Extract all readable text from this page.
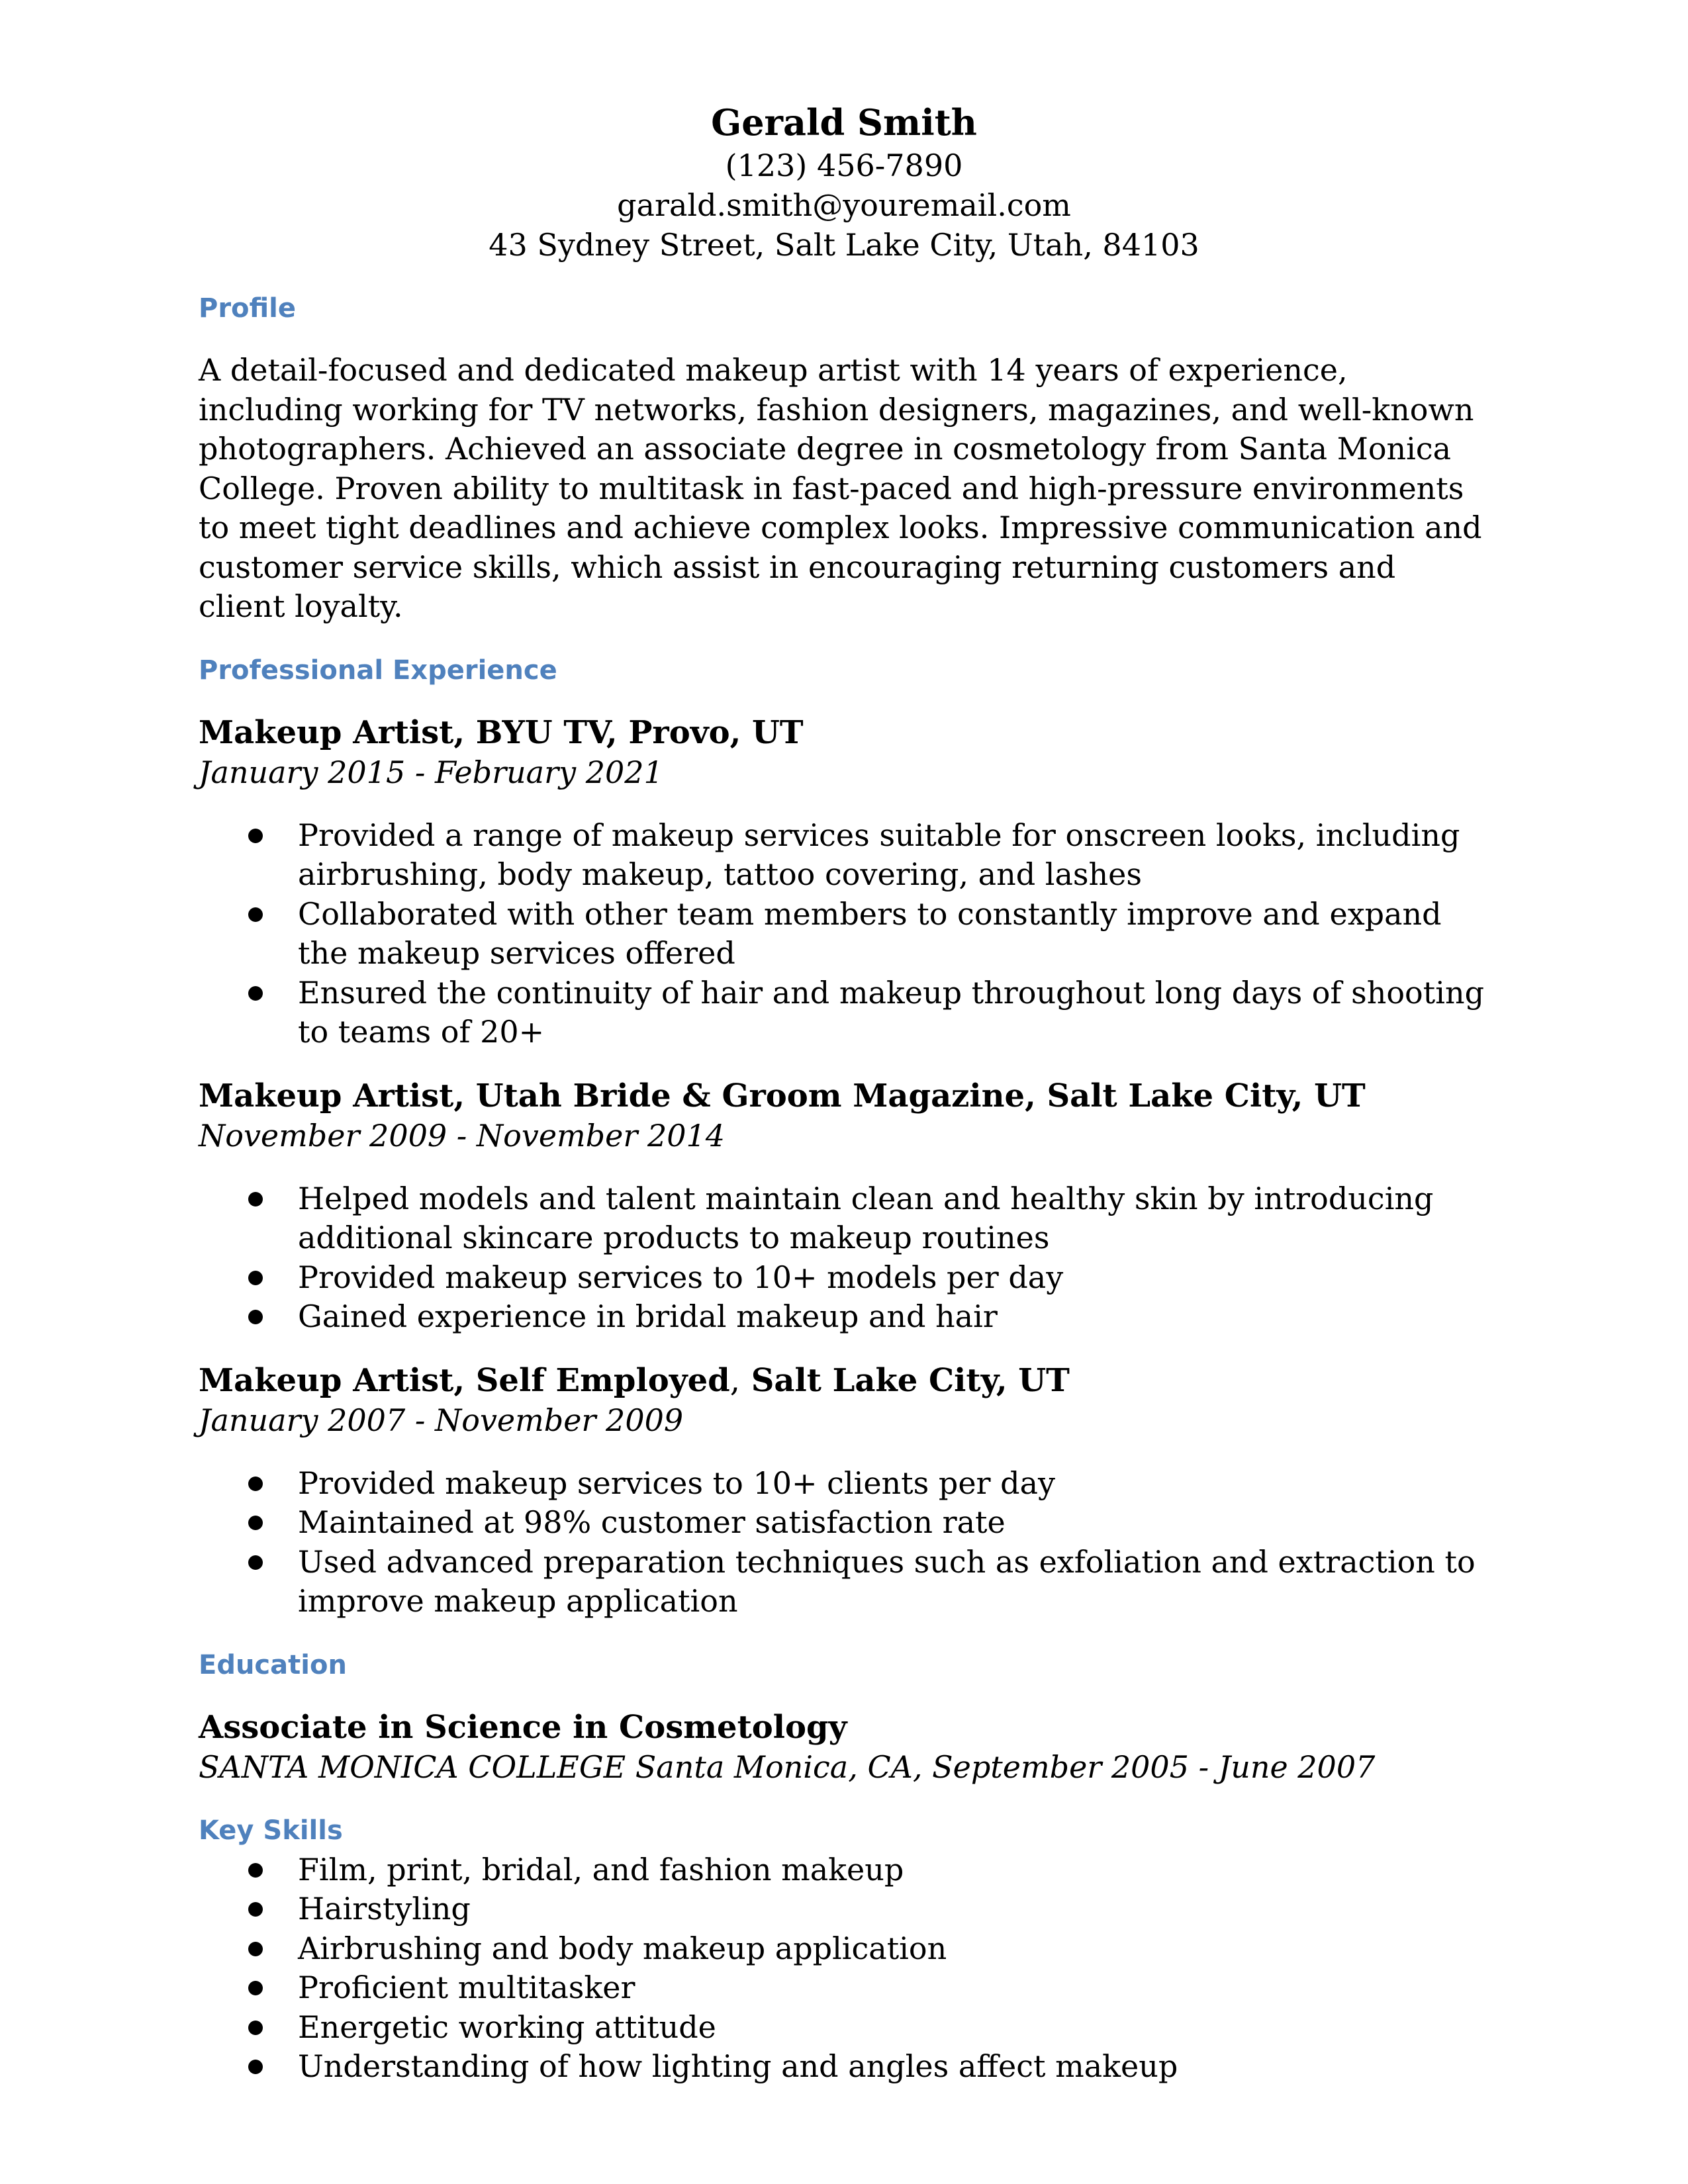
Gerald Smith

(123) 456-7890

garald.smith@youremail.com

43 Sydney Street, Salt Lake City, Utah, 84103

Profile

A detail-focused and dedicated makeup artist with 14 years of experience, including working for TV networks, fashion designers, magazines, and well-known photographers. Achieved an associate degree in cosmetology from Santa Monica College. Proven ability to multitask in fast-paced and high-pressure environments to meet tight deadlines and achieve complex looks. Impressive communication and customer service skills, which assist in encouraging returning customers and client loyalty.

Professional Experience

Makeup Artist, BYU TV, Provo, UT

January 2015 - February 2021

Provided a range of makeup services suitable for onscreen looks, including airbrushing, body makeup, tattoo covering, and lashes
Collaborated with other team members to constantly improve and expand the makeup services offered
Ensured the continuity of hair and makeup throughout long days of shooting to teams of 20+

Makeup Artist, Utah Bride & Groom Magazine, Salt Lake City, UT

November 2009 - November 2014

Helped models and talent maintain clean and healthy skin by introducing additional skincare products to makeup routines
Provided makeup services to 10+ models per day
Gained experience in bridal makeup and hair

Makeup Artist, Self Employed, Salt Lake City, UT

January 2007 - November 2009

Provided makeup services to 10+ clients per day
Maintained at 98% customer satisfaction rate
Used advanced preparation techniques such as exfoliation and extraction to improve makeup application

Education

Associate in Science in Cosmetology

SANTA MONICA COLLEGE Santa Monica, CA, September 2005 - June 2007

Key Skills

Film, print, bridal, and fashion makeup
Hairstyling
Airbrushing and body makeup application
Proficient multitasker
Energetic working attitude
Understanding of how lighting and angles affect makeup
